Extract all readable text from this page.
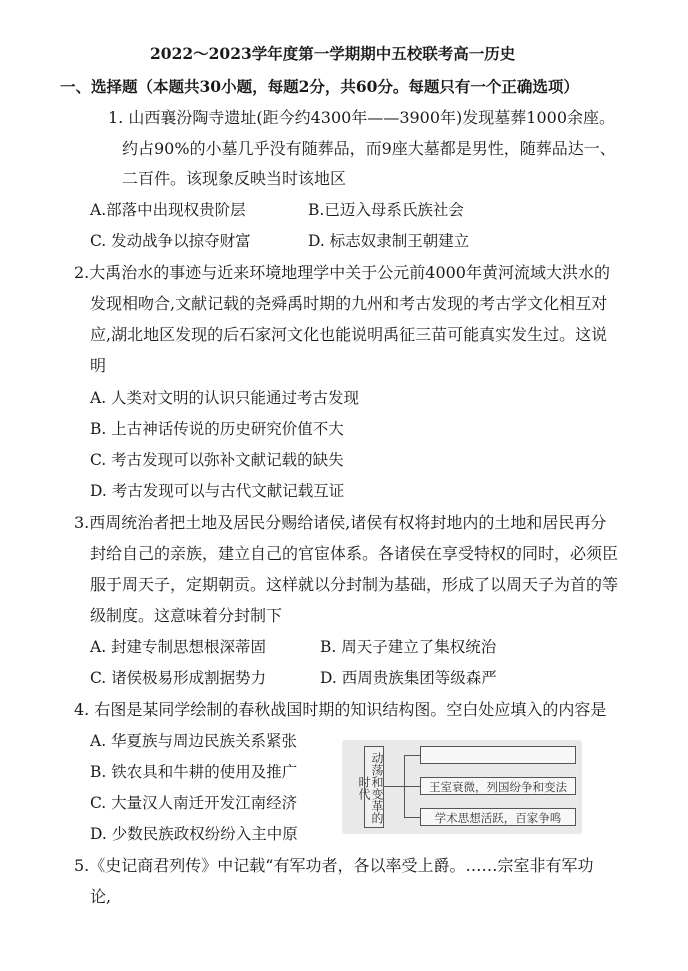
2022～2023学年度第一学期期中五校联考高一历史
一、选择题（本题共30小题，每题2分，共60分。每题只有一个正确选项）
1. 山西襄汾陶寺遗址(距今约4300年——3900年)发现墓葬1000余座。
约占90%的小墓几乎没有随葬品，而9座大墓都是男性，随葬品达一、
二百件。该现象反映当时该地区
A.部落中出现权贵阶层	B.已迈入母系氏族社会
C. 发动战争以掠夺财富	D. 标志奴隶制王朝建立
2.大禹治水的事迹与近来环境地理学中关于公元前4000年黄河流域大洪水的
发现相吻合,文献记载的尧舜禹时期的九州和考古发现的考古学文化相互对
应,湖北地区发现的后石家河文化也能说明禹征三苗可能真实发生过。这说
明
A. 人类对文明的认识只能通过考古发现
B. 上古神话传说的历史研究价值不大
C. 考古发现可以弥补文献记载的缺失
D. 考古发现可以与古代文献记载互证
3.西周统治者把土地及居民分赐给诸侯,诸侯有权将封地内的土地和居民再分
封给自己的亲族，建立自己的官宦体系。各诸侯在享受特权的同时，必须臣
服于周天子，定期朝贡。这样就以分封制为基础，形成了以周天子为首的等
级制度。这意味着分封制下
A. 封建专制思想根深蒂固	B. 周天子建立了集权统治
C. 诸侯极易形成割据势力	D. 西周贵族集团等级森严
4. 右图是某同学绘制的春秋战国时期的知识结构图。空白处应填入的内容是
A. 华夏族与周边民族关系紧张
B. 铁农具和牛耕的使用及推广
C. 大量汉人南迁开发江南经济
D. 少数民族政权纷纷入主中原
动荡和变革的时代	王室衰微，列国纷争和变法
学术思想活跃，百家争鸣
5.《史记商君列传》中记载“有军功者，各以率受上爵。……宗室非有军功
论,
